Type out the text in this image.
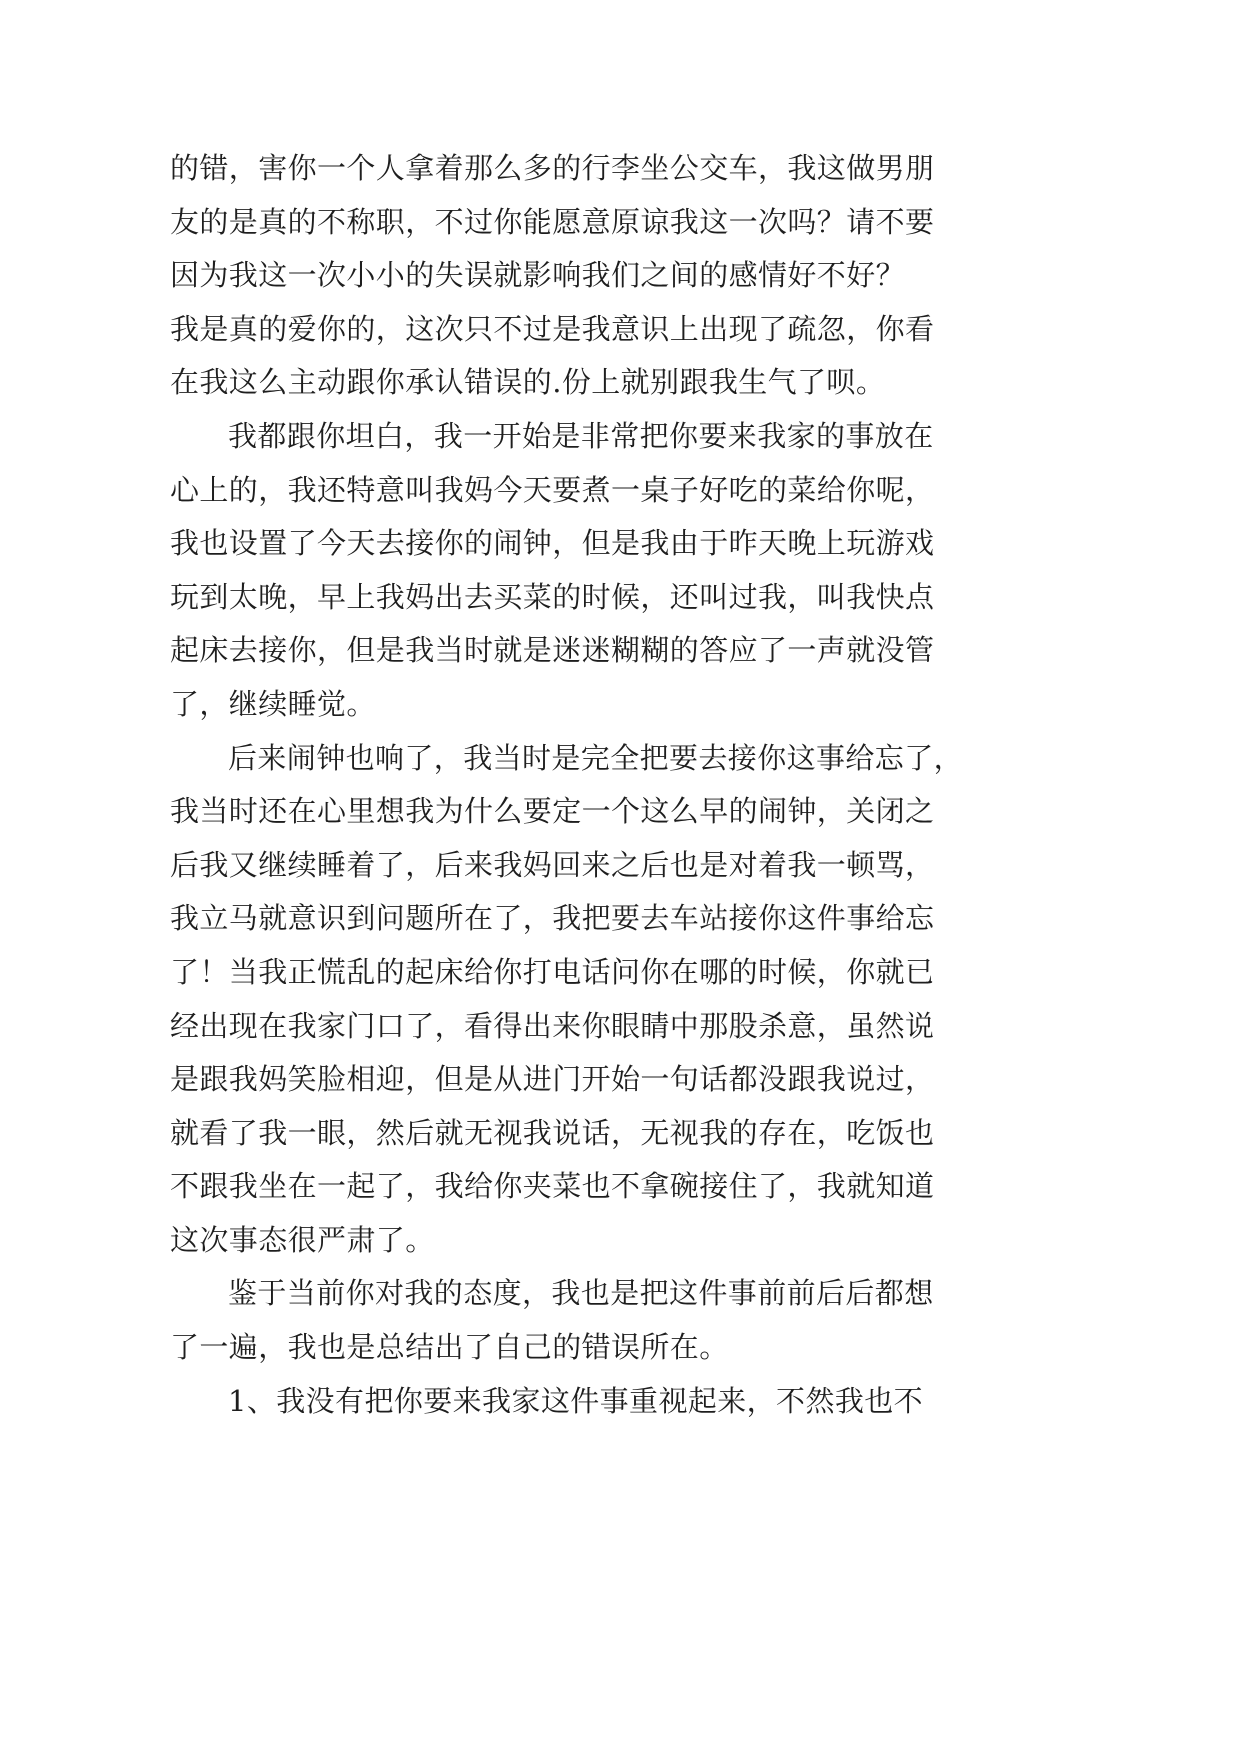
的错，害你一个人拿着那么多的行李坐公交车，我这做男朋
友的是真的不称职，不过你能愿意原谅我这一次吗？请不要
因为我这一次小小的失误就影响我们之间的感情好不好？
我是真的爱你的，这次只不过是我意识上出现了疏忽，你看
在我这么主动跟你承认错误的.份上就别跟我生气了呗。
我都跟你坦白，我一开始是非常把你要来我家的事放在
心上的，我还特意叫我妈今天要煮一桌子好吃的菜给你呢，
我也设置了今天去接你的闹钟，但是我由于昨天晚上玩游戏
玩到太晚，早上我妈出去买菜的时候，还叫过我，叫我快点
起床去接你，但是我当时就是迷迷糊糊的答应了一声就没管
了，继续睡觉。
后来闹钟也响了，我当时是完全把要去接你这事给忘了，
我当时还在心里想我为什么要定一个这么早的闹钟，关闭之
后我又继续睡着了，后来我妈回来之后也是对着我一顿骂，
我立马就意识到问题所在了，我把要去车站接你这件事给忘
了！当我正慌乱的起床给你打电话问你在哪的时候，你就已
经出现在我家门口了，看得出来你眼睛中那股杀意，虽然说
是跟我妈笑脸相迎，但是从进门开始一句话都没跟我说过，
就看了我一眼，然后就无视我说话，无视我的存在，吃饭也
不跟我坐在一起了，我给你夹菜也不拿碗接住了，我就知道
这次事态很严肃了。
鉴于当前你对我的态度，我也是把这件事前前后后都想
了一遍，我也是总结出了自己的错误所在。
1、我没有把你要来我家这件事重视起来，不然我也不
